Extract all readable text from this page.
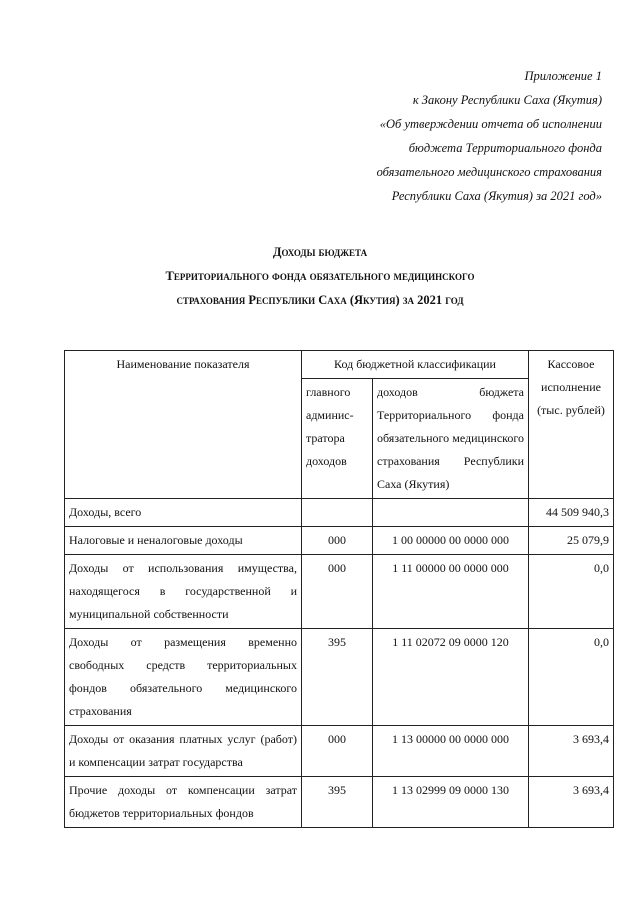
Приложение 1
к Закону Республики Саха (Якутия)
«Об утверждении отчета об исполнении
бюджета Территориального фонда
обязательного медицинского страхования
Республики Саха (Якутия) за 2021 год»
Доходы бюджета
Территориального фонда обязательного медицинского
страхования Республики Саха (Якутия) за 2021 год
Наименование показателя	Код бюджетной классификации		Кассовое исполнение (тыс. рублей)
	главного админис-тратора доходов	доходов бюджета Территориального фонда обязательного медицинского страхования Республики Саха (Якутия)	
Доходы, всего			44 509 940,3
Налоговые и неналоговые доходы	000	1 00 00000 00 0000 000	25 079,9
Доходы от использования имущества, находящегося в государственной и муниципальной собственности	000	1 11 00000 00 0000 000	0,0
Доходы от размещения временно свободных средств территориальных фондов обязательного медицинского страхования	395	1 11 02072 09 0000 120	0,0
Доходы от оказания платных услуг (работ) и компенсации затрат государства	000	1 13 00000 00 0000 000	3 693,4
Прочие доходы от компенсации затрат бюджетов территориальных фондов	395	1 13 02999 09 0000 130	3 693,4
